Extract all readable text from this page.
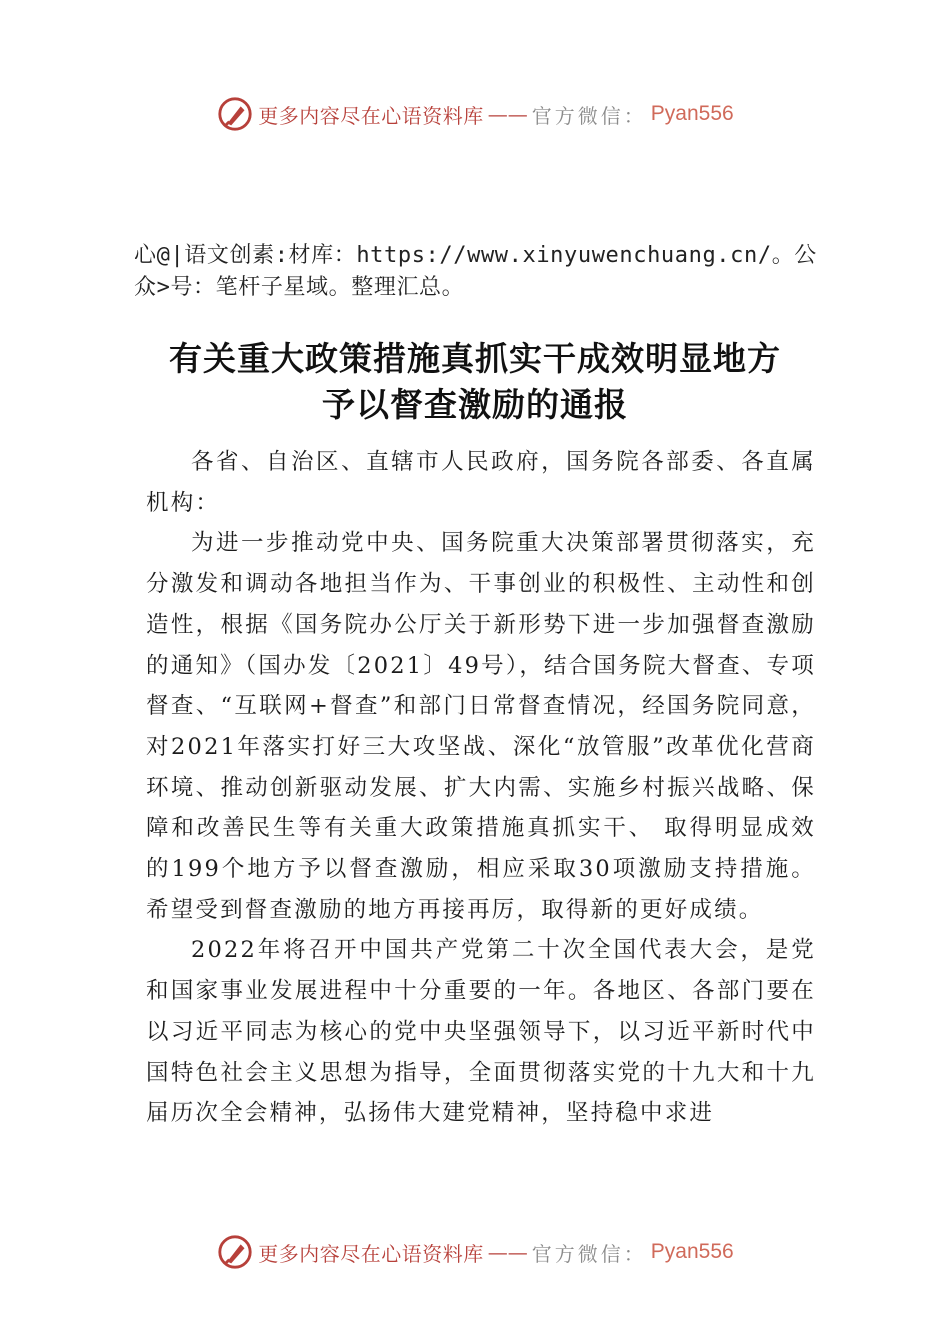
更多内容尽在心语资料库 —— 官方微信： Pyan556
心@|语文创素:材库：https://www.xinyuwenchuang.cn/。公众>号：笔杆子星域。整理汇总。
有关重大政策措施真抓实干成效明显地方
予以督查激励的通报

各省、自治区、直辖市人民政府，国务院各部委、各直属机构：

为进一步推动党中央、国务院重大决策部署贯彻落实，充分激发和调动各地担当作为、干事创业的积极性、主动性和创造性，根据《国务院办公厅关于新形势下进一步加强督查激励的通知》（国办发〔2021〕49号），结合国务院大督查、专项督查、“互联网+督查”和部门日常督查情况，经国务院同意，对2021年落实打好三大攻坚战、深化“放管服”改革优化营商环境、推动创新驱动发展、扩大内需、实施乡村振兴战略、保障和改善民生等有关重大政策措施真抓实干、 取得明显成效的199个地方予以督查激励，相应采取30项激励支持措施。希望受到督查激励的地方再接再厉，取得新的更好成绩。

2022年将召开中国共产党第二十次全国代表大会，是党和国家事业发展进程中十分重要的一年。各地区、各部门要在以习近平同志为核心的党中央坚强领导下，以习近平新时代中国特色社会主义思想为指导，全面贯彻落实党的十九大和十九届历次全会精神，弘扬伟大建党精神，坚持稳中求进

更多内容尽在心语资料库 —— 官方微信： Pyan556
